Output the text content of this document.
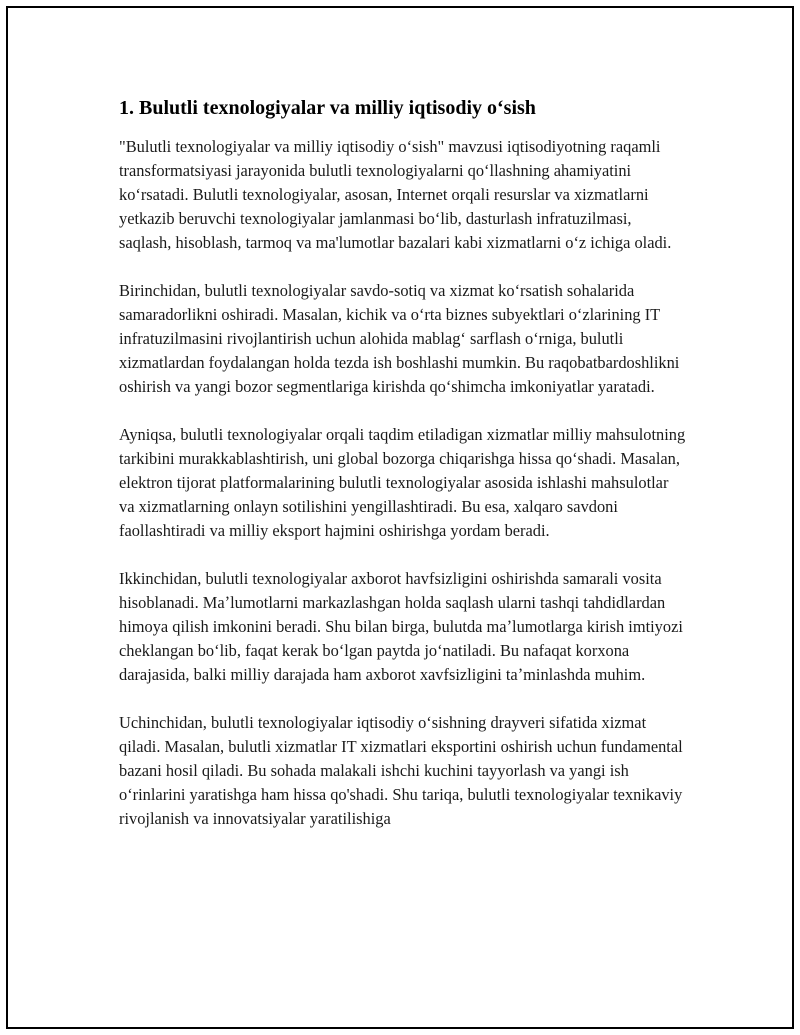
1. Bulutli texnologiyalar va milliy iqtisodiy oʻsish

"Bulutli texnologiyalar va milliy iqtisodiy oʻsish" mavzusi iqtisodiyotning raqamli transformatsiyasi jarayonida bulutli texnologiyalarni qoʻllashning ahamiyatini koʻrsatadi. Bulutli texnologiyalar, asosan, Internet orqali resurslar va xizmatlarni yetkazib beruvchi texnologiyalar jamlanmasi boʻlib, dasturlash infratuzilmasi, saqlash, hisoblash, tarmoq va ma'lumotlar bazalari kabi xizmatlarni oʻz ichiga oladi.

Birinchidan, bulutli texnologiyalar savdo-sotiq va xizmat koʻrsatish sohalarida samaradorlikni oshiradi. Masalan, kichik va oʻrta biznes subyektlari oʻzlarining IT infratuzilmasini rivojlantirish uchun alohida mablagʻ sarflash oʻrniga, bulutli xizmatlardan foydalangan holda tezda ish boshlashi mumkin. Bu raqobatbardoshlikni oshirish va yangi bozor segmentlariga kirishda qoʻshimcha imkoniyatlar yaratadi.

Ayniqsa, bulutli texnologiyalar orqali taqdim etiladigan xizmatlar milliy mahsulotning tarkibini murakkablashtirish, uni global bozorga chiqarishga hissa qoʻshadi. Masalan, elektron tijorat platformalarining bulutli texnologiyalar asosida ishlashi mahsulotlar va xizmatlarning onlayn sotilishini yengillashtiradi. Bu esa, xalqaro savdoni faollashtiradi va milliy eksport hajmini oshirishga yordam beradi.

Ikkinchidan, bulutli texnologiyalar axborot havfsizligini oshirishda samarali vosita hisoblanadi. Maʼlumotlarni markazlashgan holda saqlash ularni tashqi tahdidlardan himoya qilish imkonini beradi. Shu bilan birga, bulutda maʼlumotlarga kirish imtiyozi cheklangan boʻlib, faqat kerak boʻlgan paytda joʻnatiladi. Bu nafaqat korxona darajasida, balki milliy darajada ham axborot xavfsizligini taʼminlashda muhim.

Uchinchidan, bulutli texnologiyalar iqtisodiy oʻsishning drayveri sifatida xizmat qiladi. Masalan, bulutli xizmatlar IT xizmatlari eksportini oshirish uchun fundamental bazani hosil qiladi. Bu sohada malakali ishchi kuchini tayyorlash va yangi ish oʻrinlarini yaratishga ham hissa qo'shadi. Shu tariqa, bulutli texnologiyalar texnikaviy rivojlanish va innovatsiyalar yaratilishiga
